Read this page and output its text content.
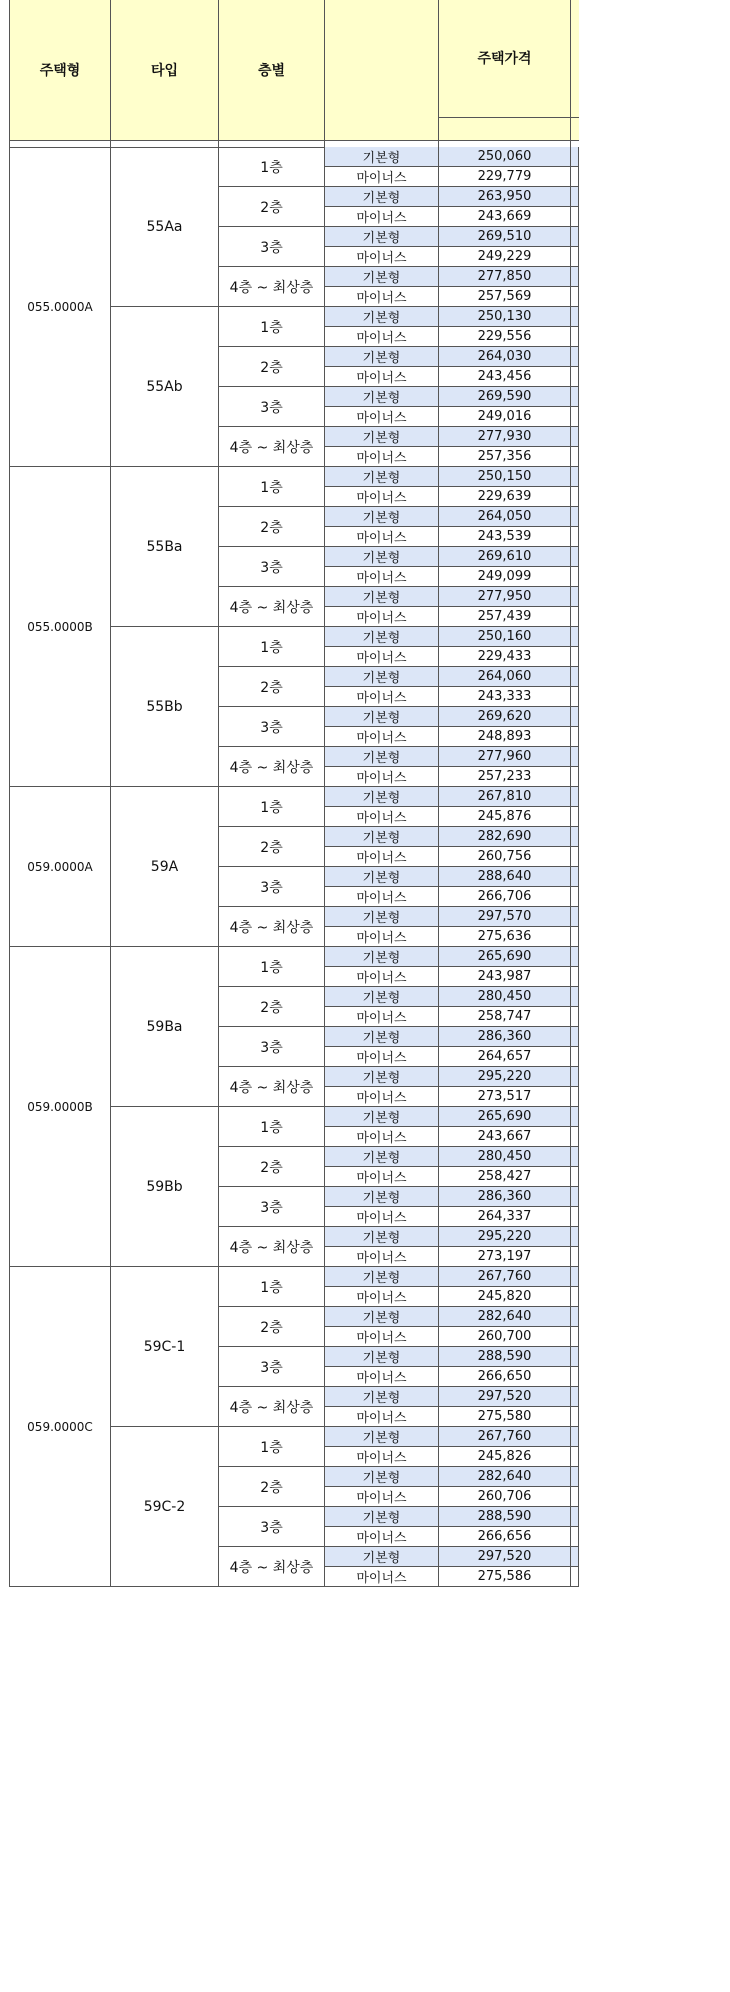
주택형	타입	층별		주택가격	

055.0000A	55Aa	1층	기본형	250,060	
			마이너스	229,779	
		2층	기본형	263,950	
			마이너스	243,669	
		3층	기본형	269,510	
			마이너스	249,229	
		4층 ~ 최상층	기본형	277,850	
			마이너스	257,569	
	55Ab	1층	기본형	250,130	
			마이너스	229,556	
		2층	기본형	264,030	
			마이너스	243,456	
		3층	기본형	269,590	
			마이너스	249,016	
		4층 ~ 최상층	기본형	277,930	
			마이너스	257,356	
055.0000B	55Ba	1층	기본형	250,150	
			마이너스	229,639	
		2층	기본형	264,050	
			마이너스	243,539	
		3층	기본형	269,610	
			마이너스	249,099	
		4층 ~ 최상층	기본형	277,950	
			마이너스	257,439	
	55Bb	1층	기본형	250,160	
			마이너스	229,433	
		2층	기본형	264,060	
			마이너스	243,333	
		3층	기본형	269,620	
			마이너스	248,893	
		4층 ~ 최상층	기본형	277,960	
			마이너스	257,233	
059.0000A	59A	1층	기본형	267,810	
			마이너스	245,876	
		2층	기본형	282,690	
			마이너스	260,756	
		3층	기본형	288,640	
			마이너스	266,706	
		4층 ~ 최상층	기본형	297,570	
			마이너스	275,636	
059.0000B	59Ba	1층	기본형	265,690	
			마이너스	243,987	
		2층	기본형	280,450	
			마이너스	258,747	
		3층	기본형	286,360	
			마이너스	264,657	
		4층 ~ 최상층	기본형	295,220	
			마이너스	273,517	
	59Bb	1층	기본형	265,690	
			마이너스	243,667	
		2층	기본형	280,450	
			마이너스	258,427	
		3층	기본형	286,360	
			마이너스	264,337	
		4층 ~ 최상층	기본형	295,220	
			마이너스	273,197	
059.0000C	59C-1	1층	기본형	267,760	
			마이너스	245,820	
		2층	기본형	282,640	
			마이너스	260,700	
		3층	기본형	288,590	
			마이너스	266,650	
		4층 ~ 최상층	기본형	297,520	
			마이너스	275,580	
	59C-2	1층	기본형	267,760	
			마이너스	245,826	
		2층	기본형	282,640	
			마이너스	260,706	
		3층	기본형	288,590	
			마이너스	266,656	
		4층 ~ 최상층	기본형	297,520	
			마이너스	275,586	
